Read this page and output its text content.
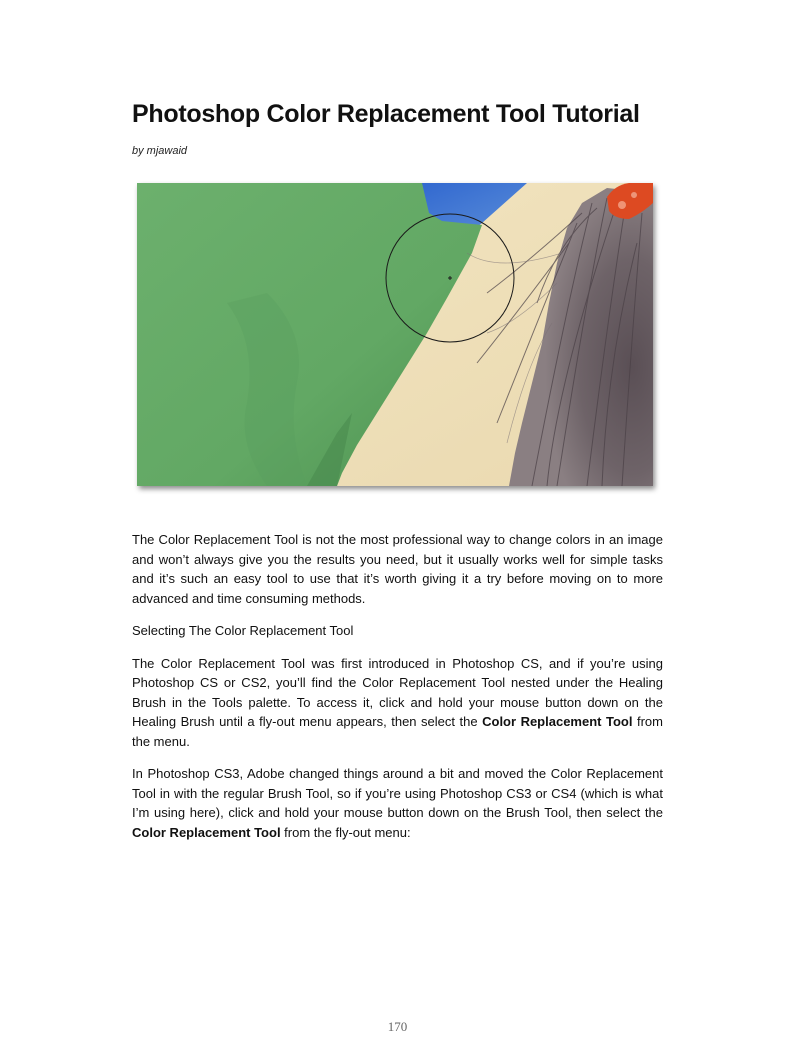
Photoshop Color Replacement Tool Tutorial

by mjawaid

The Color Replacement Tool is not the most professional way to change colors in an image and won’t always give you the results you need, but it usually works well for simple tasks and it’s such an easy tool to use that it’s worth giving it a try before moving on to more advanced and time consuming methods.

Selecting The Color Replacement Tool

The Color Replacement Tool was first introduced in Photoshop CS, and if you’re using Photoshop CS or CS2, you’ll find the Color Replacement Tool nested under the Healing Brush in the Tools palette. To access it, click and hold your mouse button down on the Healing Brush until a fly-out menu appears, then select the Color Replacement Tool from the menu.

In Photoshop CS3, Adobe changed things around a bit and moved the Color Replacement Tool in with the regular Brush Tool, so if you’re using Photoshop CS3 or CS4 (which is what I’m using here), click and hold your mouse button down on the Brush Tool, then select the Color Replacement Tool from the fly-out menu:

170
